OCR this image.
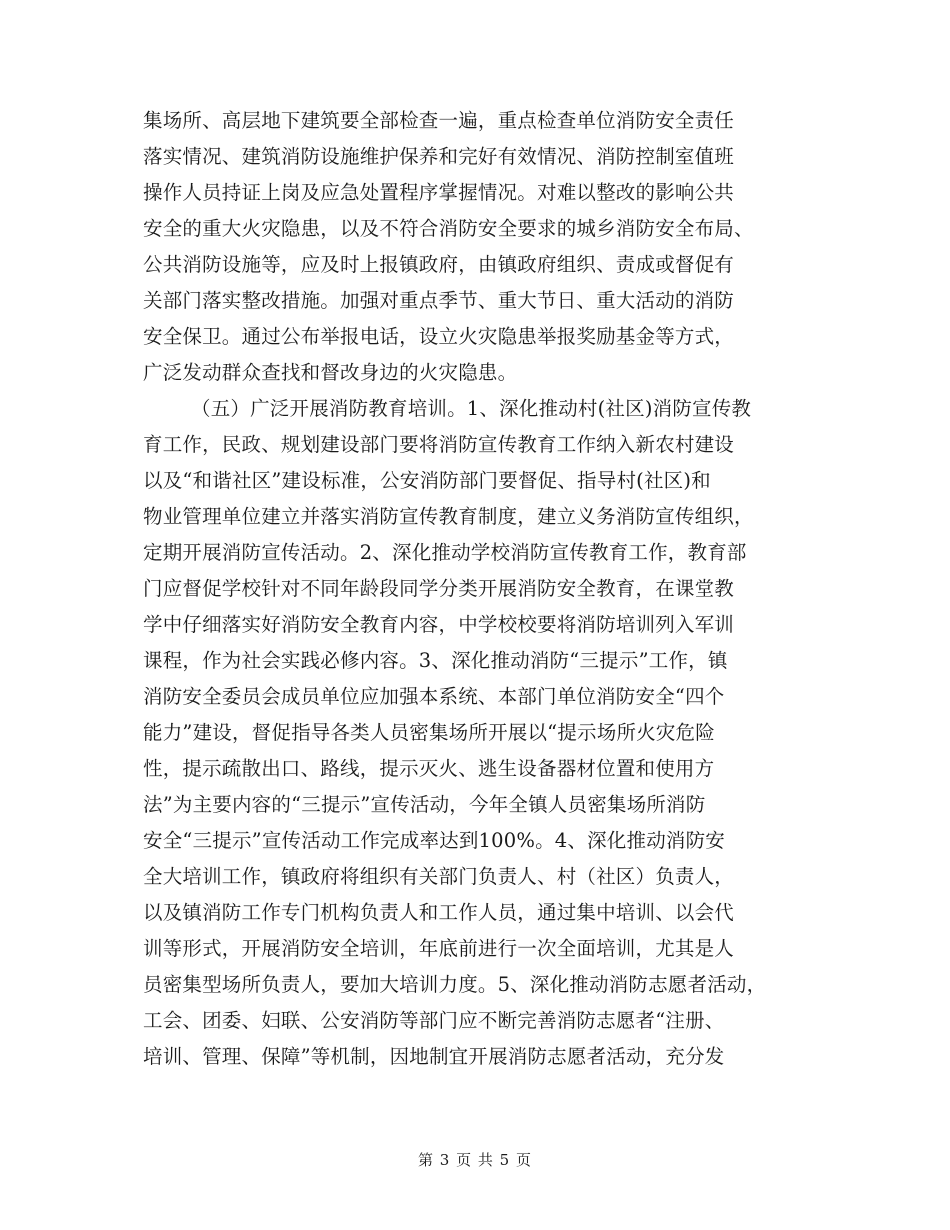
集场所、高层地下建筑要全部检查一遍，重点检查单位消防安全责任
落实情况、建筑消防设施维护保养和完好有效情况、消防控制室值班
操作人员持证上岗及应急处置程序掌握情况。对难以整改的影响公共
安全的重大火灾隐患，以及不符合消防安全要求的城乡消防安全布局、
公共消防设施等，应及时上报镇政府，由镇政府组织、责成或督促有
关部门落实整改措施。加强对重点季节、重大节日、重大活动的消防
安全保卫。通过公布举报电话，设立火灾隐患举报奖励基金等方式，
广泛发动群众查找和督改身边的火灾隐患。
（五）广泛开展消防教育培训。1、深化推动村(社区)消防宣传教
育工作，民政、规划建设部门要将消防宣传教育工作纳入新农村建设
以及“和谐社区”建设标准，公安消防部门要督促、指导村(社区)和
物业管理单位建立并落实消防宣传教育制度，建立义务消防宣传组织，
定期开展消防宣传活动。2、深化推动学校消防宣传教育工作，教育部
门应督促学校针对不同年龄段同学分类开展消防安全教育，在课堂教
学中仔细落实好消防安全教育内容，中学校校要将消防培训列入军训
课程，作为社会实践必修内容。3、深化推动消防“三提示”工作，镇
消防安全委员会成员单位应加强本系统、本部门单位消防安全“四个
能力”建设，督促指导各类人员密集场所开展以“提示场所火灾危险
性，提示疏散出口、路线，提示灭火、逃生设备器材位置和使用方
法”为主要内容的“三提示”宣传活动，今年全镇人员密集场所消防
安全“三提示”宣传活动工作完成率达到100%。4、深化推动消防安
全大培训工作，镇政府将组织有关部门负责人、村（社区）负责人，
以及镇消防工作专门机构负责人和工作人员，通过集中培训、以会代
训等形式，开展消防安全培训，年底前进行一次全面培训，尤其是人
员密集型场所负责人，要加大培训力度。5、深化推动消防志愿者活动，
工会、团委、妇联、公安消防等部门应不断完善消防志愿者“注册、
培训、管理、保障”等机制，因地制宜开展消防志愿者活动，充分发
第 3 页 共 5 页
